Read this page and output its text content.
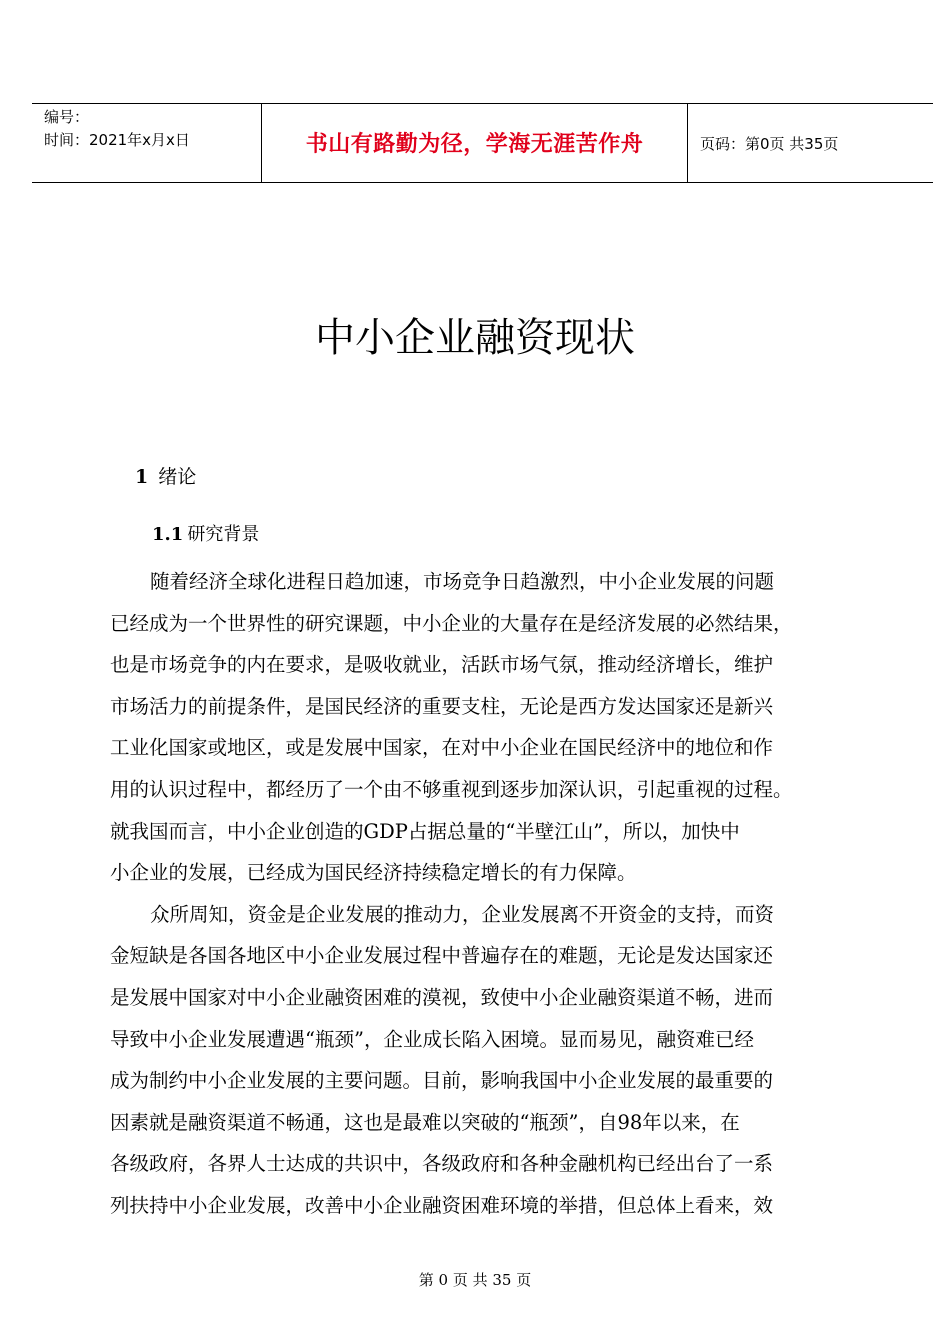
编号：
时间：2021年x月x日	书山有路勤为径，学海无涯苦作舟	页码：第0页 共35页
中小企业融资现状
1 绪论
1.1 研究背景
随着经济全球化进程日趋加速，市场竞争日趋激烈，中小企业发展的问题
已经成为一个世界性的研究课题，中小企业的大量存在是经济发展的必然结果，
也是市场竞争的内在要求，是吸收就业，活跃市场气氛，推动经济增长，维护
市场活力的前提条件，是国民经济的重要支柱，无论是西方发达国家还是新兴
工业化国家或地区，或是发展中国家，在对中小企业在国民经济中的地位和作
用的认识过程中，都经历了一个由不够重视到逐步加深认识，引起重视的过程。
就我国而言，中小企业创造的GDP占据总量的“半壁江山”，所以，加快中
小企业的发展，已经成为国民经济持续稳定增长的有力保障。
众所周知，资金是企业发展的推动力，企业发展离不开资金的支持，而资
金短缺是各国各地区中小企业发展过程中普遍存在的难题，无论是发达国家还
是发展中国家对中小企业融资困难的漠视，致使中小企业融资渠道不畅，进而
导致中小企业发展遭遇“瓶颈”，企业成长陷入困境。显而易见，融资难已经
成为制约中小企业发展的主要问题。目前，影响我国中小企业发展的最重要的
因素就是融资渠道不畅通，这也是最难以突破的“瓶颈”，自98年以来，在
各级政府，各界人士达成的共识中，各级政府和各种金融机构已经出台了一系
列扶持中小企业发展，改善中小企业融资困难环境的举措，但总体上看来，效
第 0 页 共 35 页
